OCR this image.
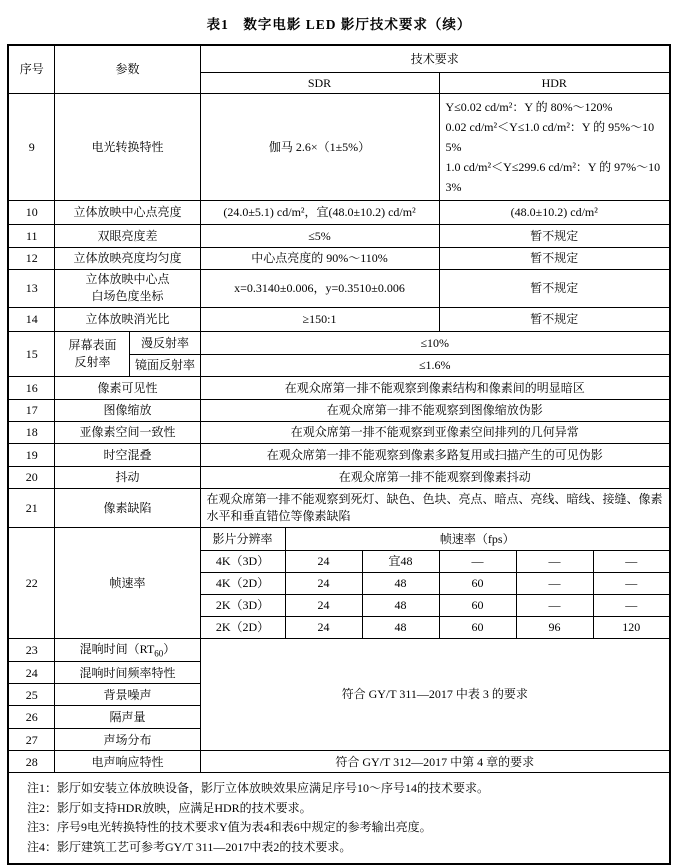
表1　数字电影 LED 影厅技术要求（续）
序号	参数		技术要求					
			SDR			HDR		
9	电光转换特性		伽马 2.6×（1±5%）			Y≤0.02 cd/m²：Y 的 80%～120%
0.02 cd/m²＜Y≤1.0 cd/m²：Y 的 95%～105%
1.0 cd/m²＜Y≤299.6 cd/m²：Y 的 97%～103%		

10	立体放映中心点亮度		(24.0±5.1) cd/m²，宜(48.0±10.2) cd/m²			(48.0±10.2) cd/m²		
11	双眼亮度差		≤5%			暂不规定		
12	立体放映亮度均匀度		中心点亮度的 90%～110%			暂不规定		
13	立体放映中心点
白场色度坐标		x=0.3140±0.006，y=0.3510±0.006			暂不规定		
14	立体放映消光比		≥150:1			暂不规定		
15	屏幕表面
反射率	漫反射率	≤10%					
		镜面反射率	≤1.6%					
16	像素可见性		在观众席第一排不能观察到像素结构和像素间的明显暗区					
17	图像缩放		在观众席第一排不能观察到图像缩放伪影					
18	亚像素空间一致性		在观众席第一排不能观察到亚像素空间排列的几何异常					
19	时空混叠		在观众席第一排不能观察到像素多路复用或扫描产生的可见伪影					
20	抖动		在观众席第一排不能观察到像素抖动					
21	像素缺陷		在观众席第一排不能观察到死灯、缺色、色块、亮点、暗点、亮线、暗线、接缝、像素水平和垂直错位等像素缺陷					
22	帧速率		影片分辨率	帧速率（fps）				
			4K（3D）	24	宜48	—	—	—
			4K（2D）	24	48	60	—	—
			2K（3D）	24	48	60	—	—
			2K（2D）	24	48	60	96	120
23	混响时间$(RT_{60})$		符合 GY/T 311—2017 中表 3 的要求					
24	混响时间频率特性							
25	背景噪声							
26	隔声量							
27	声场分布							
28	电声响应特性		符合 GY/T 312—2017 中第 4 章的要求					

注1：影厅如安装立体放映设备，影厅立体放映效果应满足序号10～序号14的技术要求。
注2：影厅如支持HDR放映，应满足HDR的技术要求。
注3：序号9电光转换特性的技术要求Y值为表4和表6中规定的参考输出亮度。
注4：影厅建筑工艺可参考GY/T 311—2017中表2的技术要求。								
